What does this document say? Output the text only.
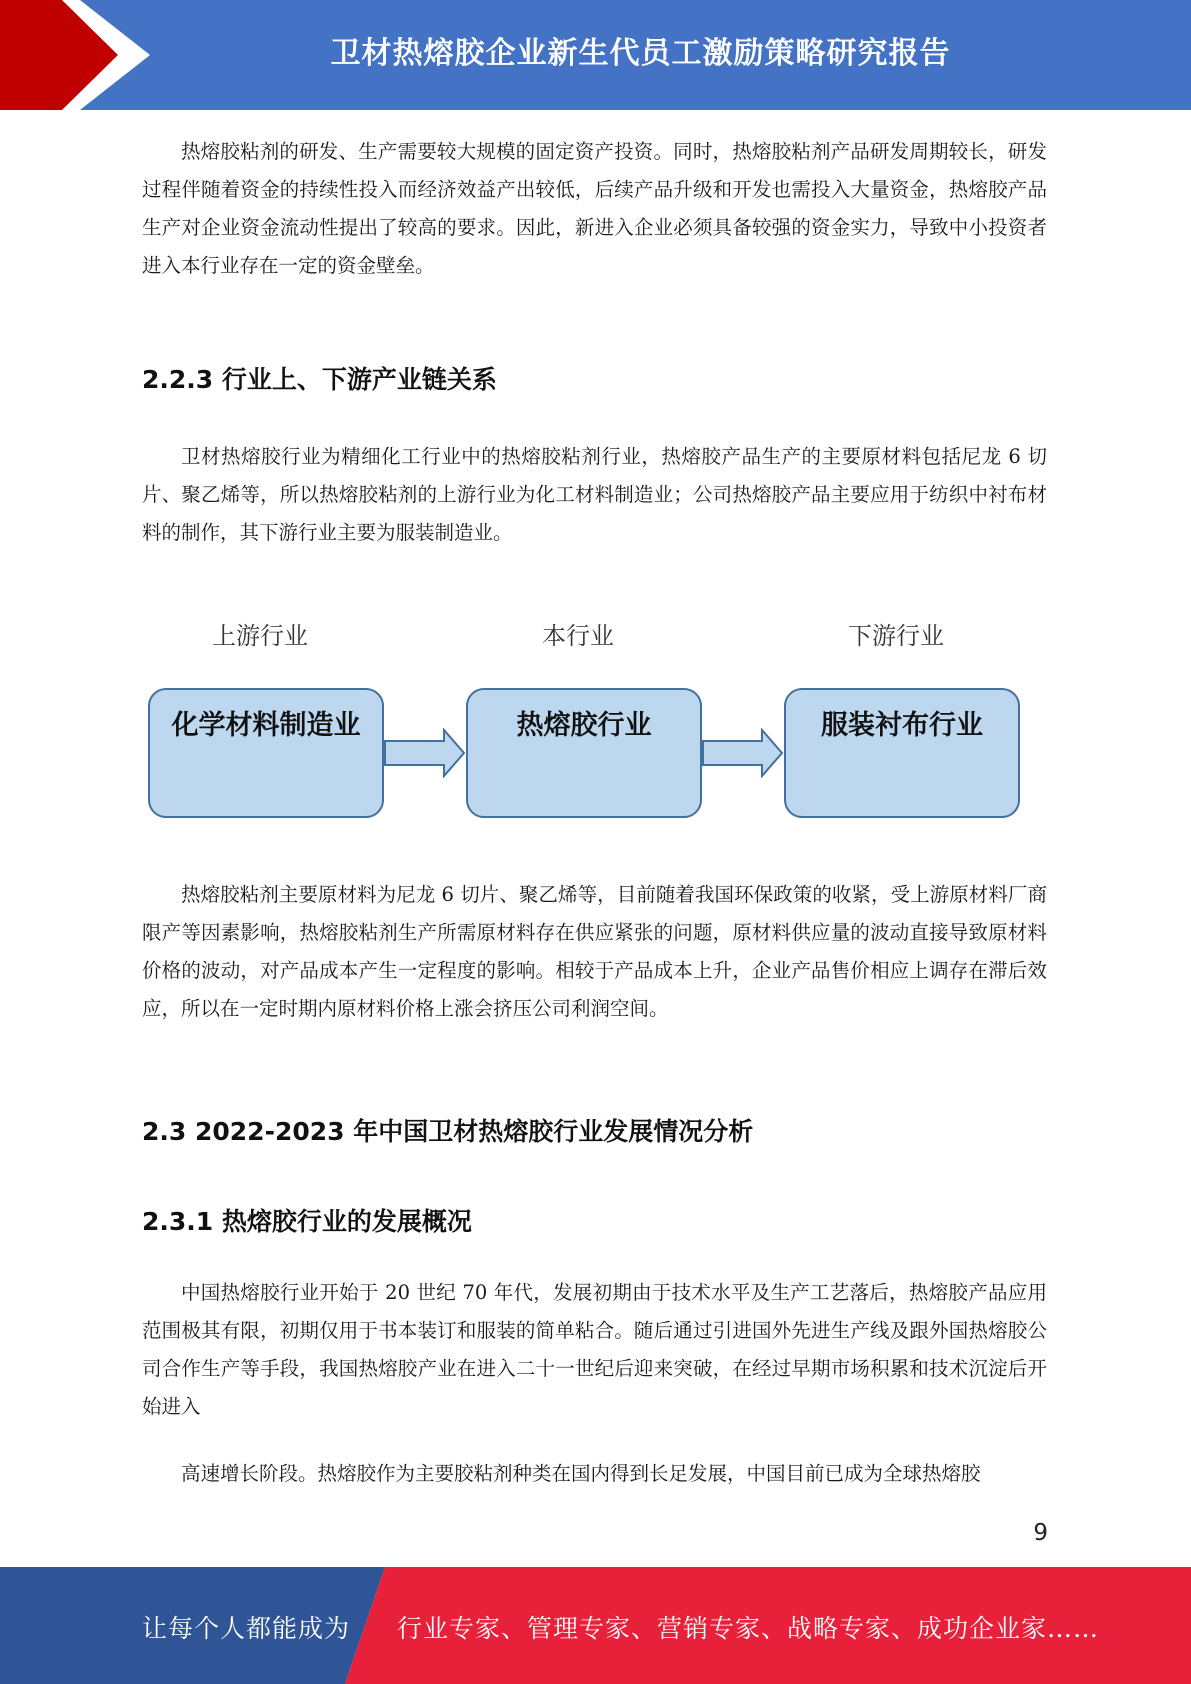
卫材热熔胶企业新生代员工激励策略研究报告

热熔胶粘剂的研发、生产需要较大规模的固定资产投资。同时，热熔胶粘剂产品研发周期较长，研发过程伴随着资金的持续性投入而经济效益产出较低，后续产品升级和开发也需投入大量资金，热熔胶产品生产对企业资金流动性提出了较高的要求。因此，新进入企业必须具备较强的资金实力，导致中小投资者进入本行业存在一定的资金壁垒。

2.2.3 行业上、下游产业链关系

卫材热熔胶行业为精细化工行业中的热熔胶粘剂行业，热熔胶产品生产的主要原材料包括尼龙 6 切片、聚乙烯等，所以热熔胶粘剂的上游行业为化工材料制造业；公司热熔胶产品主要应用于纺织中衬布材料的制作，其下游行业主要为服装制造业。

上游行业	本行业	下游行业
化学材料制造业	热熔胶行业	服装衬布行业

热熔胶粘剂主要原材料为尼龙 6 切片、聚乙烯等，目前随着我国环保政策的收紧，受上游原材料厂商限产等因素影响，热熔胶粘剂生产所需原材料存在供应紧张的问题，原材料供应量的波动直接导致原材料价格的波动，对产品成本产生一定程度的影响。相较于产品成本上升，企业产品售价相应上调存在滞后效应，所以在一定时期内原材料价格上涨会挤压公司利润空间。

2.3 2022-2023 年中国卫材热熔胶行业发展情况分析
2.3.1 热熔胶行业的发展概况

中国热熔胶行业开始于 20 世纪 70 年代，发展初期由于技术水平及生产工艺落后，热熔胶产品应用范围极其有限，初期仅用于书本装订和服装的简单粘合。随后通过引进国外先进生产线及跟外国热熔胶公司合作生产等手段，我国热熔胶产业在进入二十一世纪后迎来突破，在经过早期市场积累和技术沉淀后开始进入

高速增长阶段。热熔胶作为主要胶粘剂种类在国内得到长足发展，中国目前已成为全球热熔胶

9
让每个人都能成为 行业专家、管理专家、营销专家、战略专家、成功企业家……
